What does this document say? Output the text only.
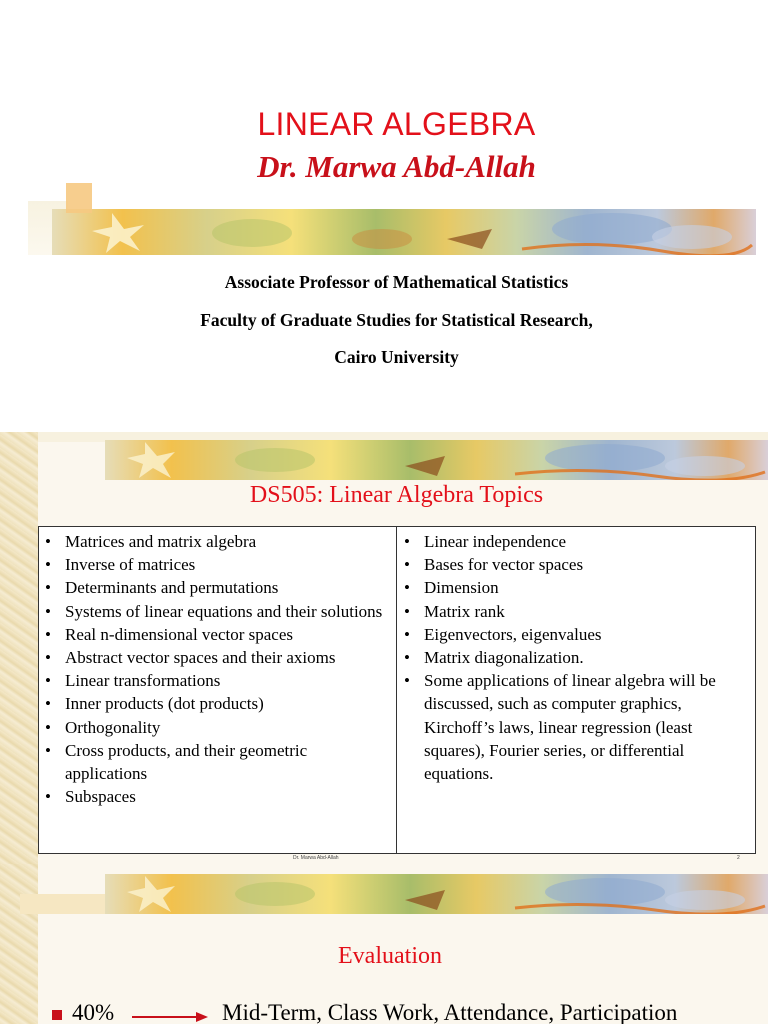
LINEAR ALGEBRA
Dr. Marwa Abd-Allah
Associate Professor of Mathematical Statistics
Faculty of Graduate Studies for Statistical Research,
Cairo University
DS505: Linear Algebra Topics
• Matrices and matrix algebra
• Inverse of matrices
• Determinants and permutations
• Systems of linear equations and their solutions
• Real n-dimensional vector spaces
• Abstract vector spaces and their axioms
• Linear transformations
• Inner products (dot products)
• Orthogonality
• Cross products, and their geometric applications
• Subspaces
• Linear independence
• Bases for vector spaces
• Dimension
• Matrix rank
• Eigenvectors, eigenvalues
• Matrix diagonalization.
• Some applications of linear algebra will be discussed, such as computer graphics, Kirchoff’s laws, linear regression (least squares), Fourier series, or differential equations.
Dr. Marwa Abd-Allah	2
Evaluation
40%	Mid-Term, Class Work, Attendance, Participation
